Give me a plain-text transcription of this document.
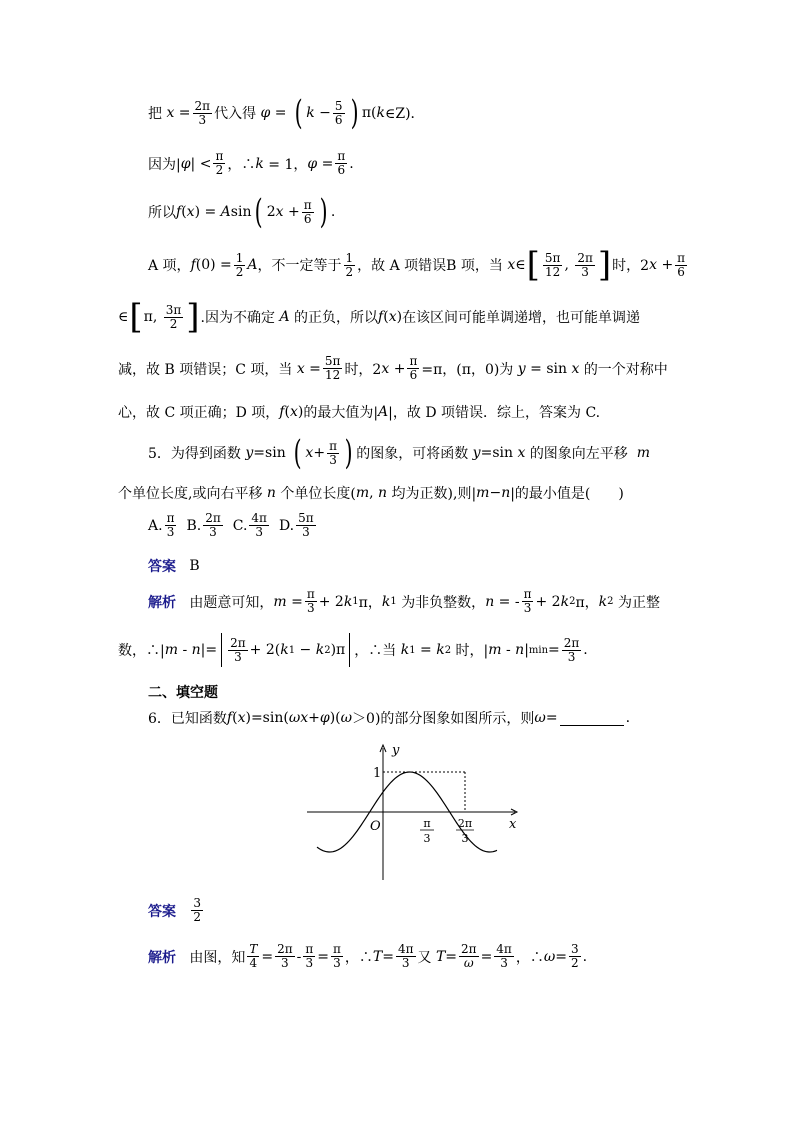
把
$x = \frac{2\pi}{3}$ 代入得
φ = ( $k - \frac{5}{6}$ ) π( k ∈Z)．
因为| φ | < $\frac{\pi}{2}$ ，∴ k
= 1， φ
= $\frac{\pi}{6}$ .
所以 f ( x ) = A sin ( 2 $x + \frac{\pi}{6}$ ) .
A 项， f $(0) = \frac{1}{2}$ A ，不一定等于 $\frac{1}{2}$ ，故 A 项错误B 项，当
x ∈ [ $\frac{5\pi}{12}$ , $\frac{2\pi}{3}$ ] 时，2 x
+ $\frac{\pi}{6}$
∈ [ π, $\frac{3\pi}{2}$ ] .因为不确定
A
的正负，所以 f ( x ) 在该区间可能单调递增，也可能单调递
减，故 B 项错误；C 项，当
$x = \frac{5\pi}{12}$ 时，2 $x + \frac{\pi}{6} =\pi$，(π，0)为
y = sin x
的一个对称中
心，故 C 项正确；D 项， f ( x ) 的最大值为| A |，故 D 项错误．综上，答案为 C.
5．为得到函数
y =sin ( $x + \frac{\pi}{3}$ ) 的图象，可将函数
y =sin x
的图象向左平移
m
个单位长度,或向右平移
n
个单位长度( m , n
均为正数),则| m − n |的最小值是(　　)
A. $\frac{\pi}{3} B$. $\frac{2\pi}{3} C$. $\frac{4\pi}{3} D$. $\frac{5\pi}{3}$
答案
B
解析
由题意可知， $m = \frac{\pi}{3} + 2$ k 1 π， k 1
为非负整数， n = - $\frac{\pi}{3} + 2$ k 2 π， k 2
为正整
数，∴| m - n |= $\frac{2\pi}{3} + 2$( k 1 − k 2 )π ，∴当
k 1 = k 2
时，| m - n | $\min = \frac{2\pi}{3}$ .
二、填空题
6．已知函数 f ( x ) =sin( ωx + φ )( ω ＞0)的部分图象如图所示，则 ω =	.
y
x
O
1
π
3
2π
3
答案
$\frac{3}{2}$
解析
由图，知 $\frac{T}{4} = \frac{2\pi}{3} - \frac{\pi}{3} = \frac{\pi}{3}$ ，∴ $T = \frac{4\pi}{3}$ 又
$T = \frac{2\pi}{\omega} = \frac{4\pi}{3}$ ，∴ $\omega = \frac{3}{2}$ .
